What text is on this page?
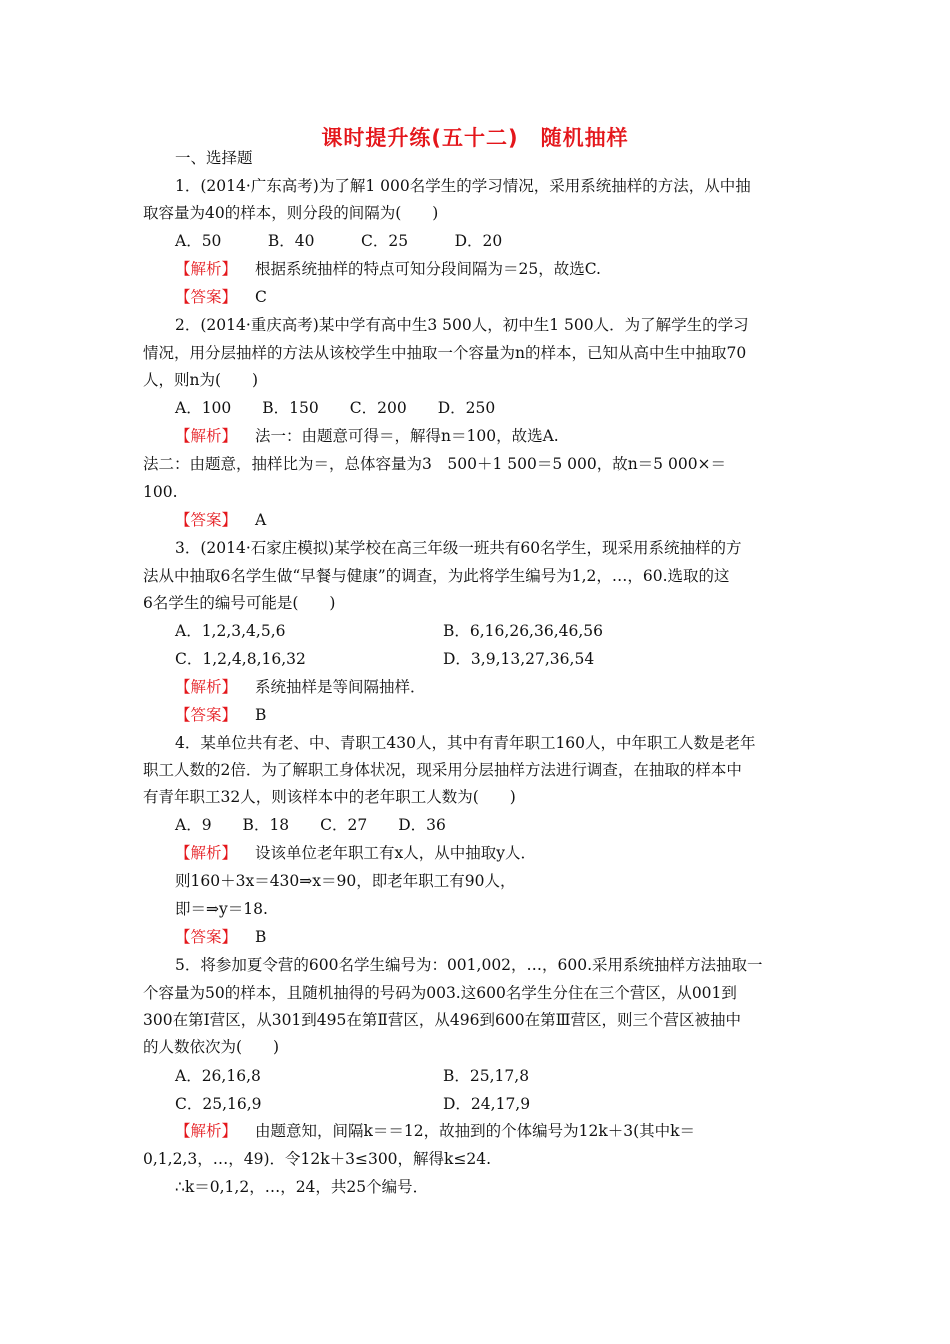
课时提升练(五十二)　随机抽样
一、选择题
1．(2014·广东高考)为了解1 000名学生的学习情况，采用系统抽样的方法，从中抽
取容量为40的样本，则分段的间隔为(　　)
A．50　　　B．40　　　C．25　　　D．20
【解析】 根据系统抽样的特点可知分段间隔为＝25，故选C.
【答案】 C
2．(2014·重庆高考)某中学有高中生3 500人，初中生1 500人．为了解学生的学习
情况，用分层抽样的方法从该校学生中抽取一个容量为n的样本，已知从高中生中抽取70
人，则n为(　　)
A．100　　B．150　　C．200　　D．250
【解析】 法一：由题意可得＝，解得n＝100，故选A.
法二：由题意，抽样比为＝，总体容量为3　500＋1 500＝5 000，故n＝5 000×＝
100.
【答案】 A
3．(2014·石家庄模拟)某学校在高三年级一班共有60名学生，现采用系统抽样的方
法从中抽取6名学生做“早餐与健康”的调查，为此将学生编号为1,2，…，60.选取的这
6名学生的编号可能是(　　)
A．1,2,3,4,5,6	B．6,16,26,36,46,56
C．1,2,4,8,16,32	D．3,9,13,27,36,54
【解析】 系统抽样是等间隔抽样．
【答案】 B
4．某单位共有老、中、青职工430人，其中有青年职工160人，中年职工人数是老年
职工人数的2倍．为了解职工身体状况，现采用分层抽样方法进行调查，在抽取的样本中
有青年职工32人，则该样本中的老年职工人数为(　　)
A．9　　B．18　　C．27　　D．36
【解析】 设该单位老年职工有x人，从中抽取y人．
则160＋3x＝430⇒x＝90，即老年职工有90人，
即＝⇒y＝18.
【答案】 B
5．将参加夏令营的600名学生编号为：001,002，…，600.采用系统抽样方法抽取一
个容量为50的样本，且随机抽得的号码为003.这600名学生分住在三个营区，从001到
300在第Ⅰ营区，从301到495在第Ⅱ营区，从496到600在第Ⅲ营区，则三个营区被抽中
的人数依次为(　　)
A．26,16,8	B．25,17,8
C．25,16,9	D．24,17,9
【解析】 由题意知，间隔k＝＝12，故抽到的个体编号为12k＋3(其中k＝
0,1,2,3，…，49)．令12k＋3≤300，解得k≤24.
∴k＝0,1,2，…，24，共25个编号．
